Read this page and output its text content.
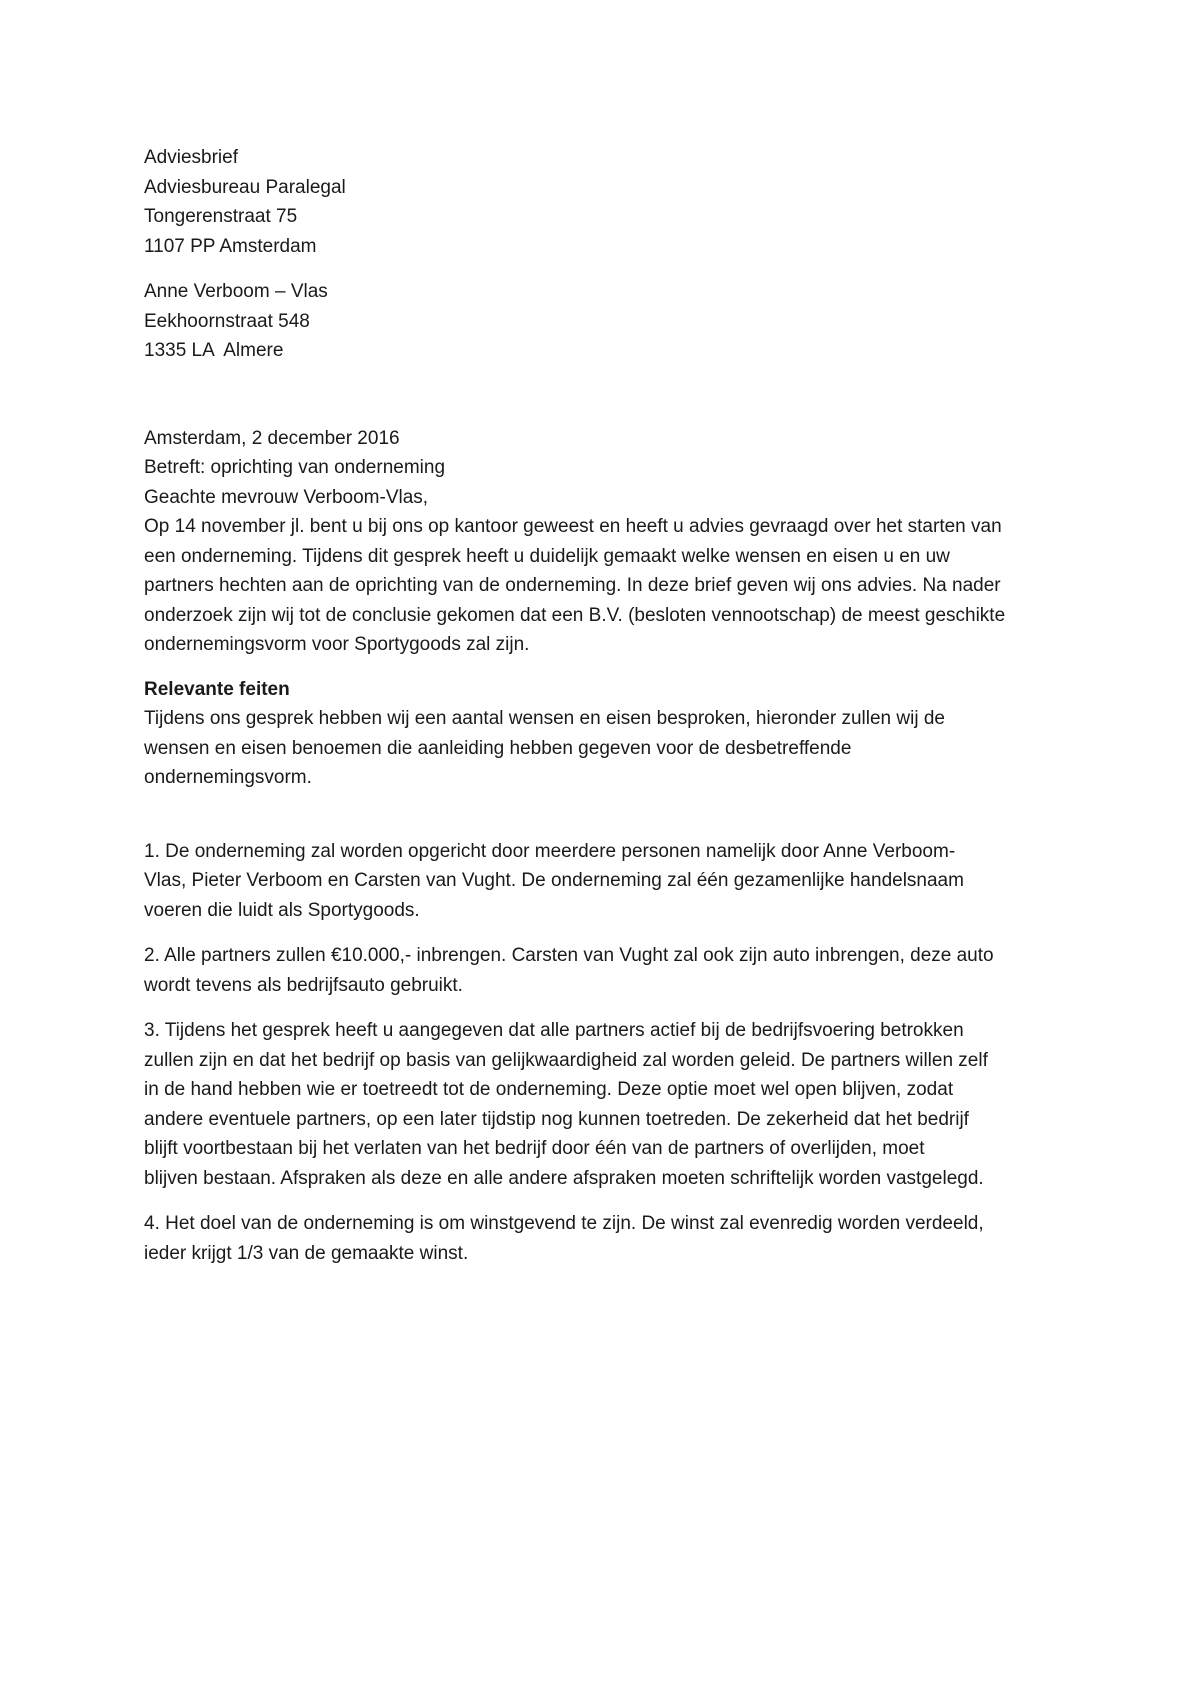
Adviesbrief

Adviesbureau Paralegal
Tongerenstraat 75
1107 PP Amsterdam
Anne Verboom – Vlas
Eekhoornstraat 548
1335 LA  Almere

Amsterdam, 2 december 2016

Betreft: oprichting van onderneming

Geachte mevrouw Verboom-Vlas,

Op 14 november jl. bent u bij ons op kantoor geweest en heeft u advies gevraagd over het starten van
een onderneming. Tijdens dit gesprek heeft u duidelijk gemaakt welke wensen en eisen u en uw
partners hechten aan de oprichting van de onderneming. In deze brief geven wij ons advies. Na nader
onderzoek zijn wij tot de conclusie gekomen dat een B.V. (besloten vennootschap) de meest geschikte
ondernemingsvorm voor Sportygoods zal zijn.

Relevante feiten

Tijdens ons gesprek hebben wij een aantal wensen en eisen besproken, hieronder zullen wij de
wensen en eisen benoemen die aanleiding hebben gegeven voor de desbetreffende
ondernemingsvorm.
1. De onderneming zal worden opgericht door meerdere personen namelijk door Anne Verboom-
Vlas, Pieter Verboom en Carsten van Vught. De onderneming zal één gezamenlijke handelsnaam
voeren die luidt als Sportygoods.
2. Alle partners zullen €10.000,- inbrengen. Carsten van Vught zal ook zijn auto inbrengen, deze auto
wordt tevens als bedrijfsauto gebruikt.
3. Tijdens het gesprek heeft u aangegeven dat alle partners actief bij de bedrijfsvoering betrokken
zullen zijn en dat het bedrijf op basis van gelijkwaardigheid zal worden geleid. De partners willen zelf
in de hand hebben wie er toetreedt tot de onderneming. Deze optie moet wel open blijven, zodat
andere eventuele partners, op een later tijdstip nog kunnen toetreden. De zekerheid dat het bedrijf
blijft voortbestaan bij het verlaten van het bedrijf door één van de partners of overlijden, moet
blijven bestaan. Afspraken als deze en alle andere afspraken moeten schriftelijk worden vastgelegd.
4. Het doel van de onderneming is om winstgevend te zijn. De winst zal evenredig worden verdeeld,
ieder krijgt 1/3 van de gemaakte winst.
